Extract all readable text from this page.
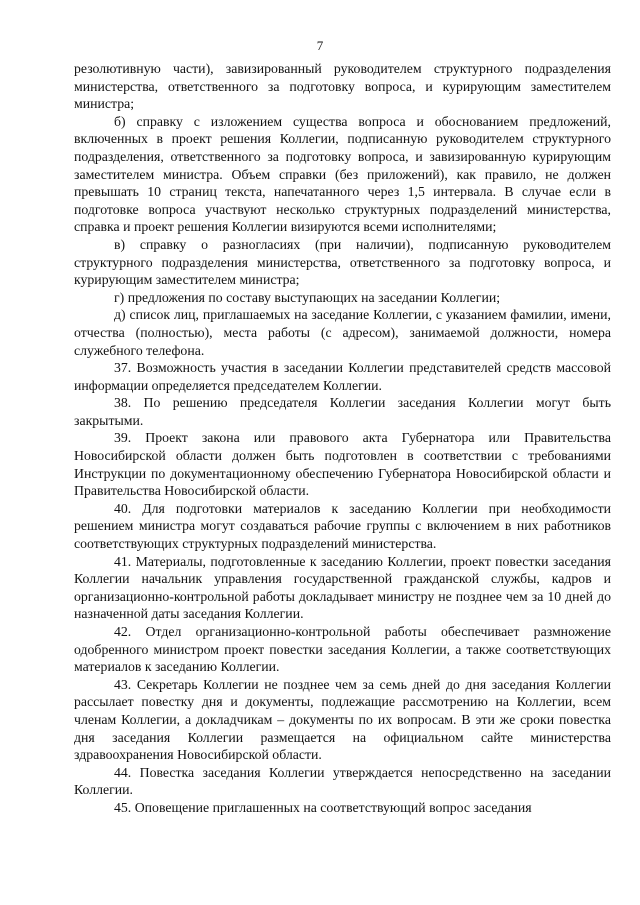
7

резолютивную части), завизированный руководителем структурного подразделения министерства, ответственного за подготовку вопроса, и курирующим заместителем министра;

б) справку с изложением существа вопроса и обоснованием предложений, включенных в проект решения Коллегии, подписанную руководителем структурного подразделения, ответственного за подготовку вопроса, и завизированную курирующим заместителем министра. Объем справки (без приложений), как правило, не должен превышать 10 страниц текста, напечатанного через 1,5 интервала. В случае если в подготовке вопроса участвуют несколько структурных подразделений министерства, справка и проект решения Коллегии визируются всеми исполнителями;

в) справку о разногласиях (при наличии), подписанную руководителем структурного подразделения министерства, ответственного за подготовку вопроса, и курирующим заместителем министра;

г) предложения по составу выступающих на заседании Коллегии;

д) список лиц, приглашаемых на заседание Коллегии, с указанием фамилии, имени, отчества (полностью), места работы (с адресом), занимаемой должности, номера служебного телефона.

37. Возможность участия в заседании Коллегии представителей средств массовой информации определяется председателем Коллегии.

38. По решению председателя Коллегии заседания Коллегии могут быть закрытыми.

39. Проект закона или правового акта Губернатора или Правительства Новосибирской области должен быть подготовлен в соответствии с требованиями Инструкции по документационному обеспечению Губернатора Новосибирской области и Правительства Новосибирской области.

40. Для подготовки материалов к заседанию Коллегии при необходимости решением министра могут создаваться рабочие группы с включением в них работников соответствующих структурных подразделений министерства.

41. Материалы, подготовленные к заседанию Коллегии, проект повестки заседания Коллегии начальник управления государственной гражданской службы, кадров и организационно-контрольной работы докладывает министру не позднее чем за 10 дней до назначенной даты заседания Коллегии.

42. Отдел организационно-контрольной работы обеспечивает размножение одобренного министром проект повестки заседания Коллегии, а также соответствующих материалов к заседанию Коллегии.

43. Секретарь Коллегии не позднее чем за семь дней до дня заседания Коллегии рассылает повестку дня и документы, подлежащие рассмотрению на Коллегии, всем членам Коллегии, а докладчикам – документы по их вопросам. В эти же сроки повестка дня заседания Коллегии размещается на официальном сайте министерства здравоохранения Новосибирской области.

44. Повестка заседания Коллегии утверждается непосредственно на заседании Коллегии.

45. Оповещение приглашенных на соответствующий вопрос заседания
